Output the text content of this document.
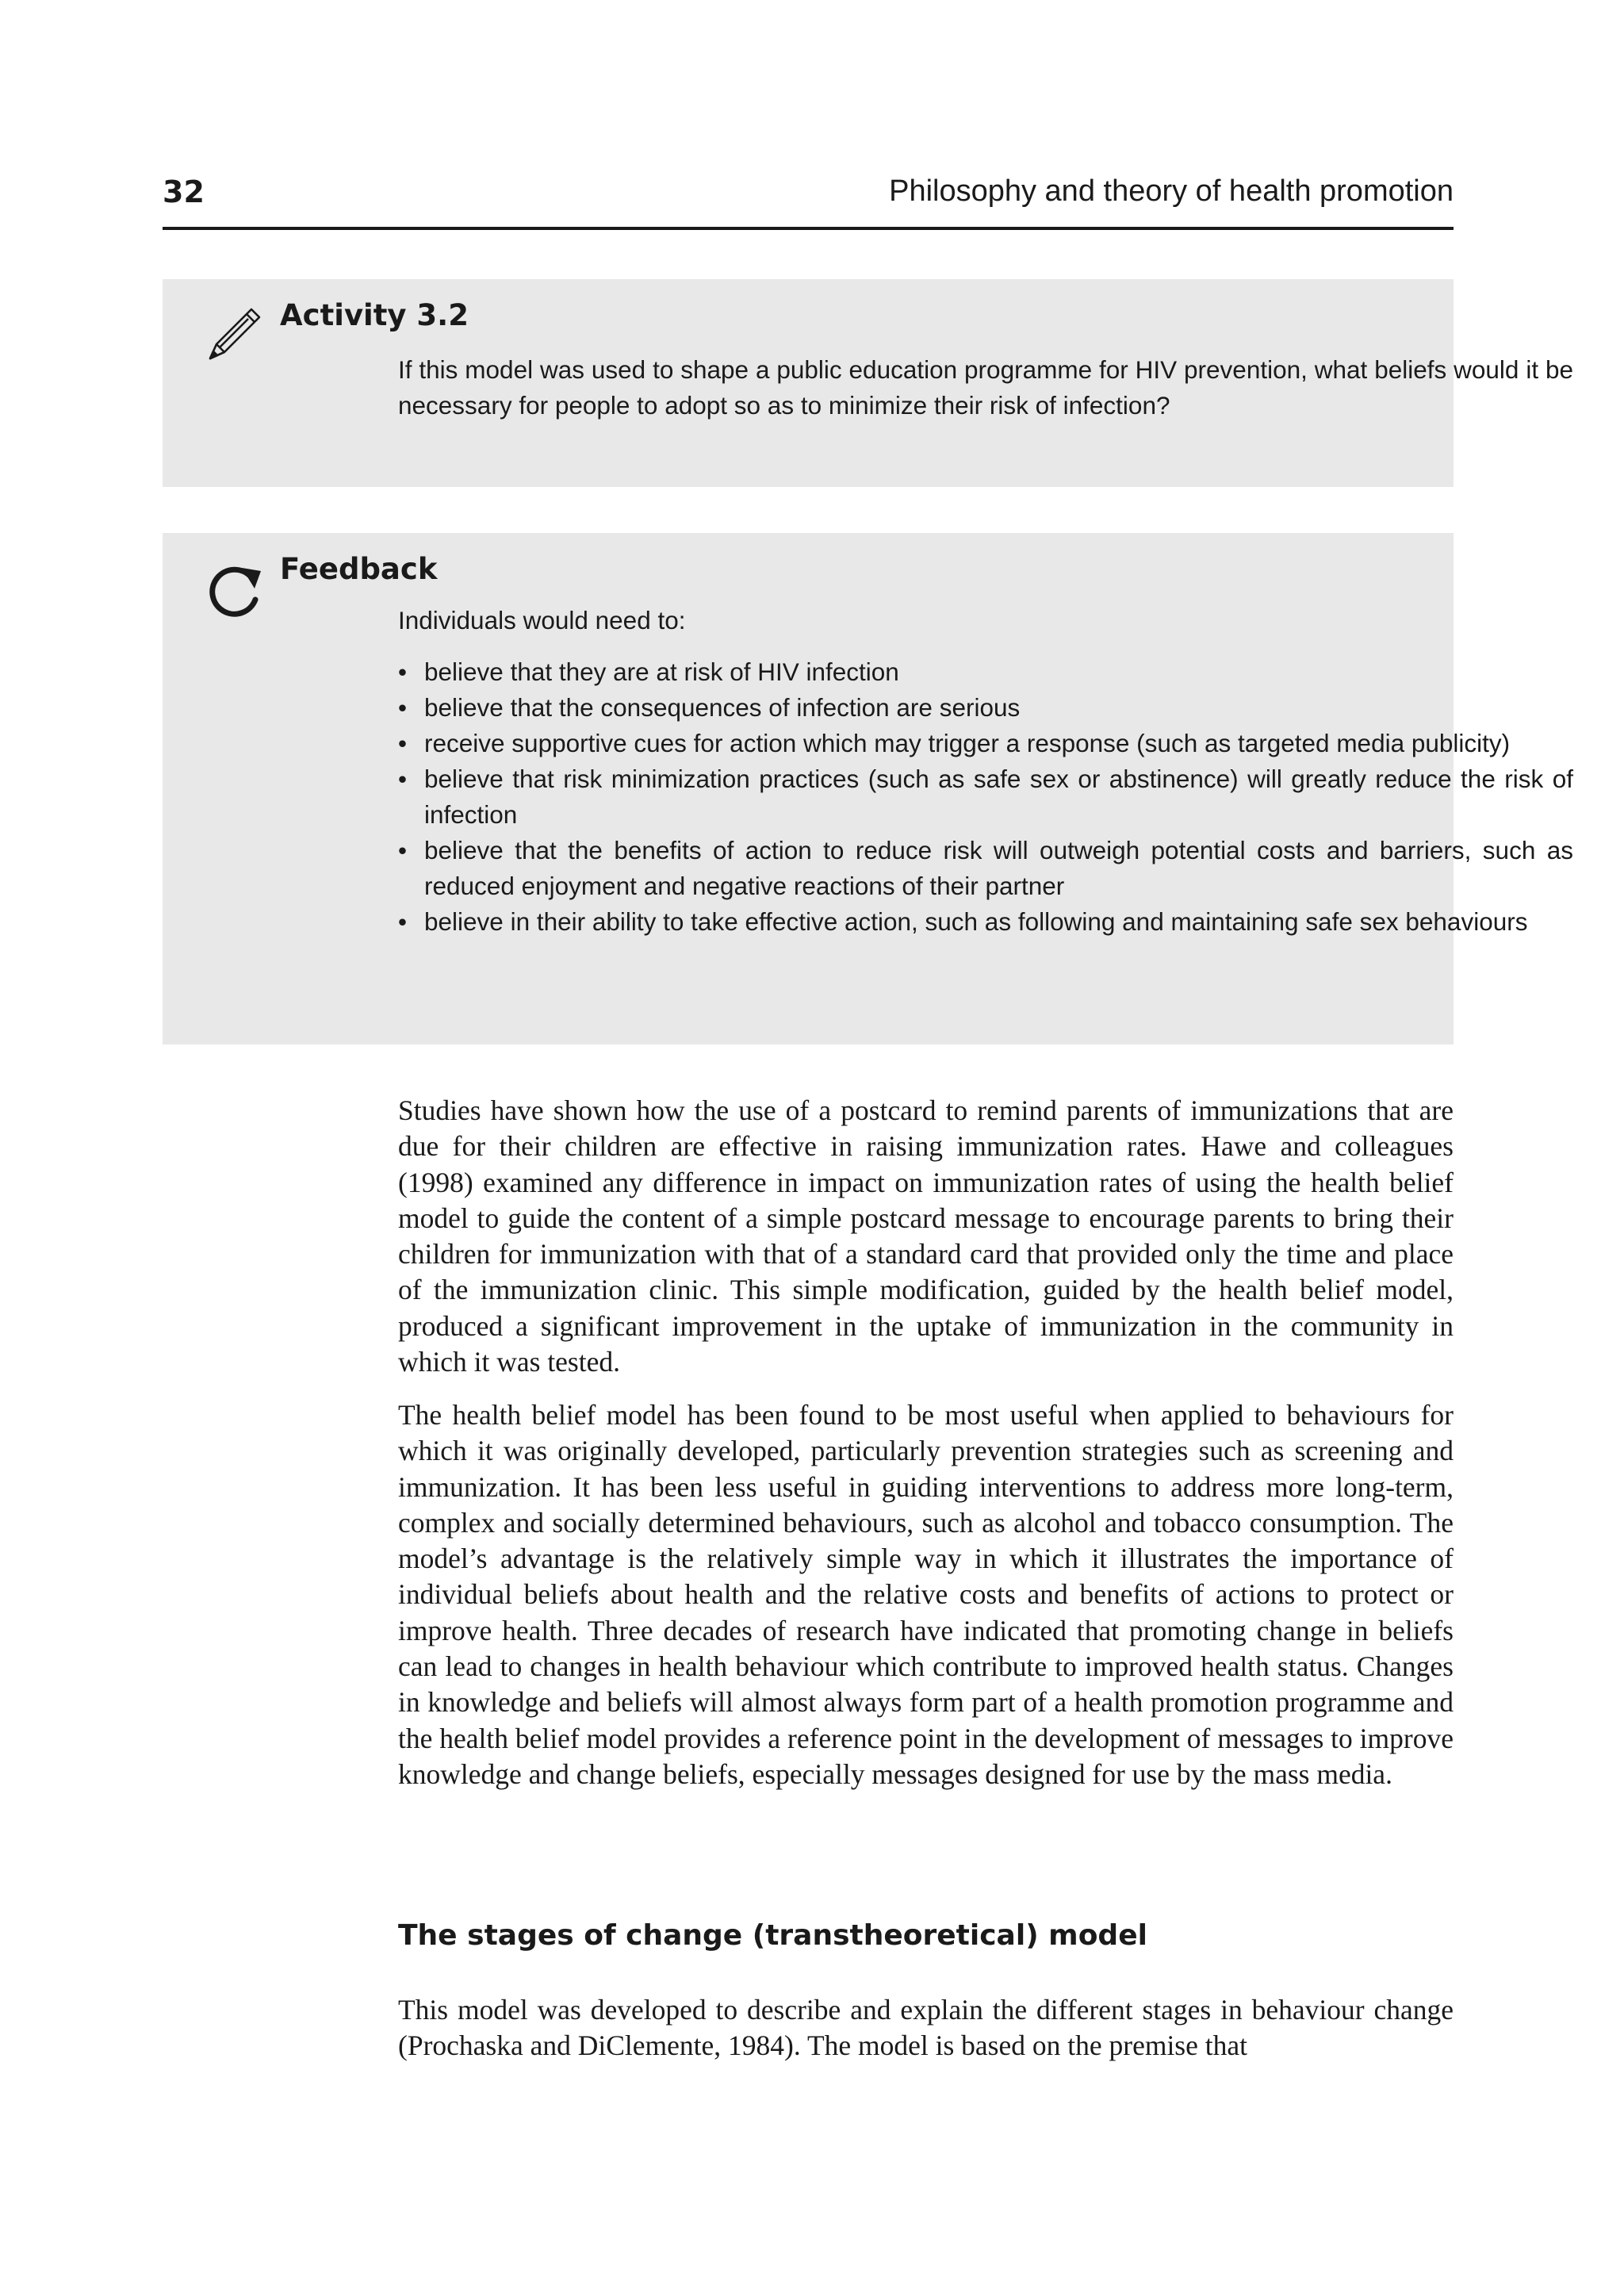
32	Philosophy and theory of health promotion
Activity 3.2
If this model was used to shape a public education programme for HIV prevention, what beliefs would it be necessary for people to adopt so as to minimize their risk of infection?
Feedback
Individuals would need to:
• believe that they are at risk of HIV infection
• believe that the consequences of infection are serious
• receive supportive cues for action which may trigger a response (such as targeted media publicity)
• believe that risk minimization practices (such as safe sex or abstinence) will greatly reduce the risk of infection
• believe that the benefits of action to reduce risk will outweigh potential costs and barriers, such as reduced enjoyment and negative reactions of their partner
• believe in their ability to take effective action, such as following and maintaining safe sex behaviours

Studies have shown how the use of a postcard to remind parents of immunizations that are due for their children are effective in raising immunization rates. Hawe and colleagues (1998) examined any difference in impact on immunization rates of using the health belief model to guide the content of a simple postcard message to encourage parents to bring their children for immunization with that of a standard card that provided only the time and place of the immunization clinic. This simple modification, guided by the health belief model, produced a significant improvement in the uptake of immunization in the community in which it was tested.

The health belief model has been found to be most useful when applied to behaviours for which it was originally developed, particularly prevention strategies such as screening and immunization. It has been less useful in guiding interventions to address more long-term, complex and socially determined behaviours, such as alcohol and tobacco consumption. The model’s advantage is the relatively simple way in which it illustrates the importance of individual beliefs about health and the relative costs and benefits of actions to protect or improve health. Three decades of research have indicated that promoting change in beliefs can lead to changes in health behaviour which contribute to improved health status. Changes in knowledge and beliefs will almost always form part of a health promotion programme and the health belief model provides a reference point in the development of messages to improve knowledge and change beliefs, especially messages designed for use by the mass media.

The stages of change (transtheoretical) model

This model was developed to describe and explain the different stages in behaviour change (Prochaska and DiClemente, 1984). The model is based on the premise that
